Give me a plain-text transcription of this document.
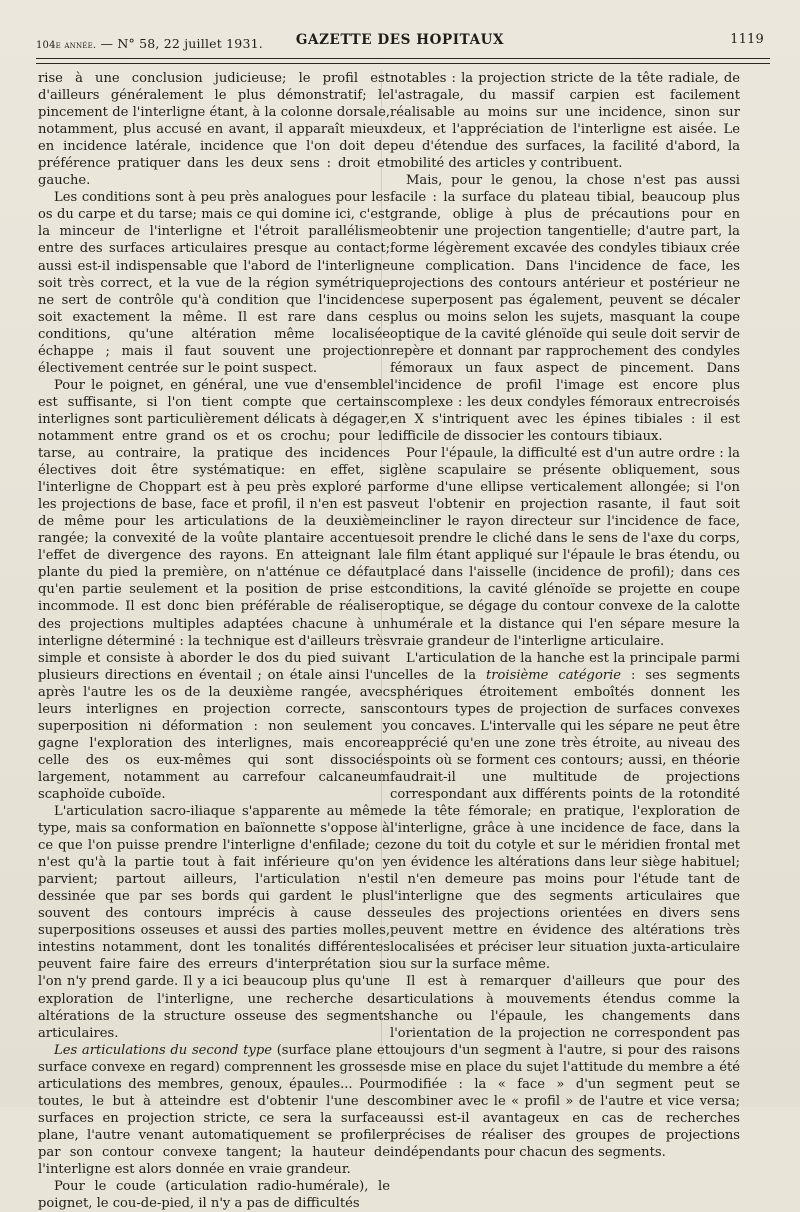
104e année. — N° 58, 22 juillet 1931.	GAZETTE DES HOPITAUX	1119

rise à une conclusion judicieuse; le profil est d'ailleurs généralement le plus démonstratif; le pincement de l'interligne étant, à la colonne dorsale, notamment, plus accusé en avant, il apparaît mieux en incidence latérale, incidence que l'on doit de préférence pratiquer dans les deux sens : droit et gauche.

Les conditions sont à peu près analogues pour les os du carpe et du tarse; mais ce qui domine ici, c'est la minceur de l'interligne et l'étroit parallélisme entre des surfaces articulaires presque au contact; aussi est-il indispensable que l'abord de l'interligne soit très correct, et la vue de la région symétrique ne sert de contrôle qu'à condition que l'incidence soit exactement la même. Il est rare dans ces conditions, qu'une altération même localisée échappe ; mais il faut souvent une projection électivement centrée sur le point suspect.

Pour le poignet, en général, une vue d'ensemble est suffisante, si l'on tient compte que certains interlignes sont particulièrement délicats à dégager, notamment entre grand os et os crochu; pour le tarse, au contraire, la pratique des incidences électives doit être systématique: en effet, si l'interligne de Choppart est à peu près exploré par les projections de base, face et profil, il n'en est pas de même pour les articulations de la deuxième rangée; la convexité de la voûte plantaire accentue l'effet de divergence des rayons. En atteignant la plante du pied la première, on n'atténue ce défaut qu'en partie seulement et la position de prise est incommode. Il est donc bien préférable de réaliser des projections multiples adaptées chacune à un interligne déterminé : la technique est d'ailleurs très simple et consiste à aborder le dos du pied suivant plusieurs directions en éventail ; on étale ainsi l'un après l'autre les os de la deuxième rangée, avec leurs interlignes en projection correcte, sans superposition ni déformation : non seulement y gagne l'exploration des interlignes, mais encore celle des os eux-mêmes qui sont dissociés largement, notamment au carrefour calcaneum scaphoïde cuboïde.

L'articulation sacro-iliaque s'apparente au même type, mais sa conformation en baïonnette s'oppose à ce que l'on puisse prendre l'interligne d'enfilade; ce n'est qu'à la partie tout à fait inférieure qu'on y parvient; partout ailleurs, l'articulation n'est dessinée que par ses bords qui gardent le plus souvent des contours imprécis à cause des superpositions osseuses et aussi des parties molles, intestins notamment, dont les tonalités différentes peuvent faire faire des erreurs d'interprétation si l'on n'y prend garde. Il y a ici beaucoup plus qu'une exploration de l'interligne, une recherche des altérations de la structure osseuse des segments articulaires.

Les articulations du second type (surface plane et surface convexe en regard) comprennent les grosses articulations des membres, genoux, épaules... Pour toutes, le but à atteindre est d'obtenir l'une des surfaces en projection stricte, ce sera la surface plane, l'autre venant automatiquement se profiler par son contour convexe tangent; la hauteur de l'interligne est alors donnée en vraie grandeur.

Pour le coude (articulation radio-humérale), le poignet, le cou-de-pied, il n'y a pas de difficultés

notables : la projection stricte de la tête radiale, de l'astragale, du massif carpien est facilement réalisable au moins sur une incidence, sinon sur deux, et l'appréciation de l'interligne est aisée. Le peu d'étendue des surfaces, la facilité d'abord, la mobilité des articles y contribuent.

Mais, pour le genou, la chose n'est pas aussi facile : la surface du plateau tibial, beaucoup plus grande, oblige à plus de précautions pour en obtenir une projection tangentielle; d'autre part, la forme légèrement excavée des condyles tibiaux crée une complication. Dans l'incidence de face, les projections des contours antérieur et postérieur ne se superposent pas également, peuvent se décaler plus ou moins selon les sujets, masquant la coupe optique de la cavité glénoïde qui seule doit servir de repère et donnant par rapprochement des condyles fémoraux un faux aspect de pincement. Dans l'incidence de profil l'image est encore plus complexe : les deux condyles fémoraux entrecroisés en X s'intriquent avec les épines tibiales : il est difficile de dissocier les contours tibiaux.

Pour l'épaule, la difficulté est d'un autre ordre : la glène scapulaire se présente obliquement, sous forme d'une ellipse verticalement allongée; si l'on veut l'obtenir en projection rasante, il faut soit incliner le rayon directeur sur l'incidence de face, soit prendre le cliché dans le sens de l'axe du corps, le film étant appliqué sur l'épaule le bras étendu, ou placé dans l'aisselle (incidence de profil); dans ces conditions, la cavité glénoïde se projette en coupe optique, se dégage du contour convexe de la calotte humérale et la distance qui l'en sépare mesure la vraie grandeur de l'interligne articulaire.

L'articulation de la hanche est la principale parmi celles de la troisième catégorie : ses segments sphériques étroitement emboîtés donnent les contours types de projection de surfaces convexes ou concaves. L'intervalle qui les sépare ne peut être apprécié qu'en une zone très étroite, au niveau des points où se forment ces contours; aussi, en théorie faudrait-il une multitude de projections correspondant aux différents points de la rotondité de la tête fémorale; en pratique, l'exploration de l'interligne, grâce à une incidence de face, dans la zone du toit du cotyle et sur le méridien frontal met en évidence les altérations dans leur siège habituel; il n'en demeure pas moins pour l'étude tant de l'interligne que des segments articulaires que seules des projections orientées en divers sens peuvent mettre en évidence des altérations très localisées et préciser leur situation juxta-articulaire ou sur la surface même.

Il est à remarquer d'ailleurs que pour des articulations à mouvements étendus comme la hanche ou l'épaule, les changements dans l'orientation de la projection ne correspondent pas toujours d'un segment à l'autre, si pour des raisons de mise en place du sujet l'attitude du membre a été modifiée : la « face » d'un segment peut se combiner avec le « profil » de l'autre et vice versa; aussi est-il avantageux en cas de recherches précises de réaliser des groupes de projections indépendants pour chacun des segments.
